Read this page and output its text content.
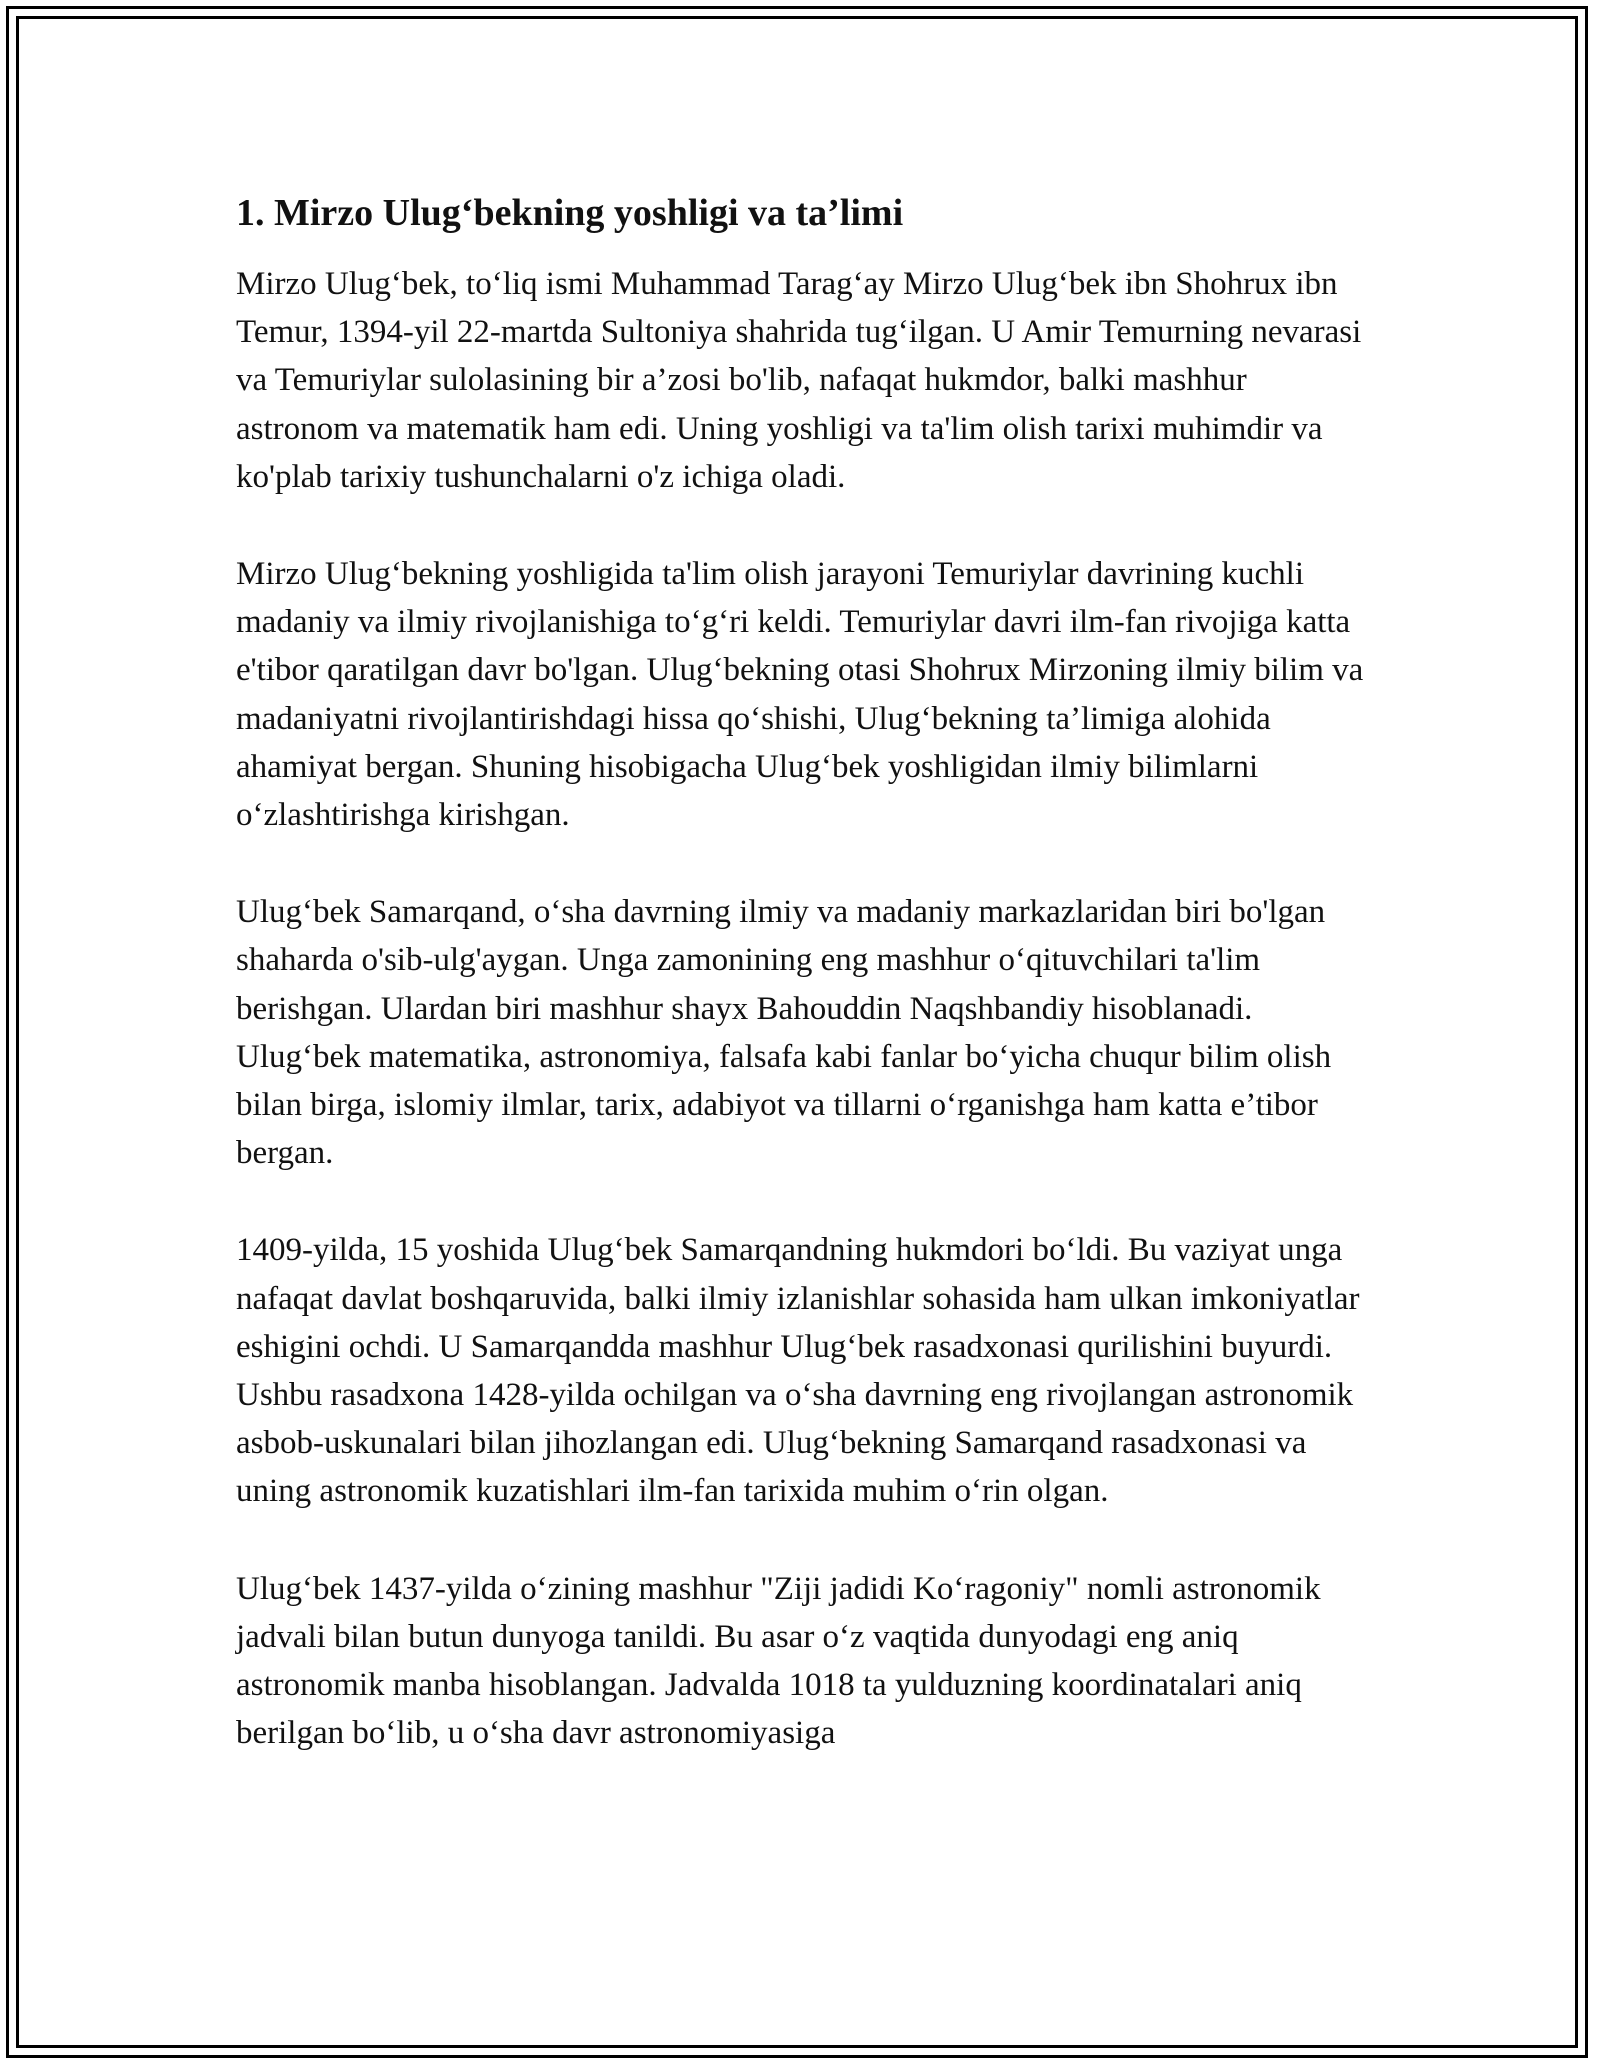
1. Mirzo Ulug‘bekning yoshligi va ta’limi

Mirzo Ulug‘bek, to‘liq ismi Muhammad Tarag‘ay Mirzo Ulug‘bek ibn Shohrux ibn Temur, 1394-yil 22-martda Sultoniya shahrida tug‘ilgan. U Amir Temurning nevarasi va Temuriylar sulolasining bir a’zosi bo'lib, nafaqat hukmdor, balki mashhur astronom va matematik ham edi. Uning yoshligi va ta'lim olish tarixi muhimdir va ko'plab tarixiy tushunchalarni o'z ichiga oladi.

Mirzo Ulug‘bekning yoshligida ta'lim olish jarayoni Temuriylar davrining kuchli madaniy va ilmiy rivojlanishiga to‘g‘ri keldi. Temuriylar davri ilm-fan rivojiga katta e'tibor qaratilgan davr bo'lgan. Ulug‘bekning otasi Shohrux Mirzoning ilmiy bilim va madaniyatni rivojlantirishdagi hissa qo‘shishi, Ulug‘bekning ta’limiga alohida ahamiyat bergan. Shuning hisobigacha Ulug‘bek yoshligidan ilmiy bilimlarni o‘zlashtirishga kirishgan.

Ulug‘bek Samarqand, o‘sha davrning ilmiy va madaniy markazlaridan biri bo'lgan shaharda o'sib-ulg'aygan. Unga zamonining eng mashhur o‘qituvchilari ta'lim berishgan. Ulardan biri mashhur shayx Bahouddin Naqshbandiy hisoblanadi. Ulug‘bek matematika, astronomiya, falsafa kabi fanlar bo‘yicha chuqur bilim olish bilan birga, islomiy ilmlar, tarix, adabiyot va tillarni o‘rganishga ham katta e’tibor bergan.

1409-yilda, 15 yoshida Ulug‘bek Samarqandning hukmdori bo‘ldi. Bu vaziyat unga nafaqat davlat boshqaruvida, balki ilmiy izlanishlar sohasida ham ulkan imkoniyatlar eshigini ochdi. U Samarqandda mashhur Ulug‘bek rasadxonasi qurilishini buyurdi. Ushbu rasadxona 1428-yilda ochilgan va o‘sha davrning eng rivojlangan astronomik asbob-uskunalari bilan jihozlangan edi. Ulug‘bekning Samarqand rasadxonasi va uning astronomik kuzatishlari ilm-fan tarixida muhim o‘rin olgan.

Ulug‘bek 1437-yilda o‘zining mashhur "Ziji jadidi Ko‘ragoniy" nomli astronomik jadvali bilan butun dunyoga tanildi. Bu asar o‘z vaqtida dunyodagi eng aniq astronomik manba hisoblangan. Jadvalda 1018 ta yulduzning koordinatalari aniq berilgan bo‘lib, u o‘sha davr astronomiyasiga
